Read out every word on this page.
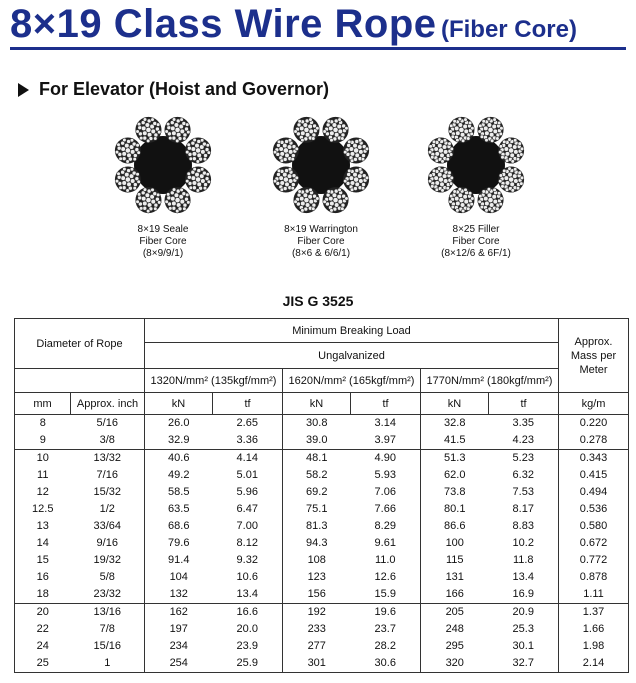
8×19 Class Wire Rope (Fiber Core)
For Elevator (Hoist and Governor)
8×19 Seale
Fiber Core
(8×9/9/1)
8×19 Warrington
Fiber Core
(8×6 & 6/6/1)
8×25 Filler
Fiber Core
(8×12/6 & 6F/1)
JIS G 3525
Diameter of Rope		Minimum Breaking Load						Approx. Mass per Meter
		Ungalvanized						
		1320N/mm² (135kgf/mm²)		1620N/mm² (165kgf/mm²)		1770N/mm² (180kgf/mm²)		
mm	Approx. inch	kN	tf	kN	tf	kN	tf	kg/m
8	5/16	26.0	2.65	30.8	3.14	32.8	3.35	0.220
9	3/8	32.9	3.36	39.0	3.97	41.5	4.23	0.278
10	13/32	40.6	4.14	48.1	4.90	51.3	5.23	0.343
11	7/16	49.2	5.01	58.2	5.93	62.0	6.32	0.415
12	15/32	58.5	5.96	69.2	7.06	73.8	7.53	0.494
12.5	1/2	63.5	6.47	75.1	7.66	80.1	8.17	0.536
13	33/64	68.6	7.00	81.3	8.29	86.6	8.83	0.580
14	9/16	79.6	8.12	94.3	9.61	100	10.2	0.672
15	19/32	91.4	9.32	108	11.0	115	11.8	0.772
16	5/8	104	10.6	123	12.6	131	13.4	0.878
18	23/32	132	13.4	156	15.9	166	16.9	1.11
20	13/16	162	16.6	192	19.6	205	20.9	1.37
22	7/8	197	20.0	233	23.7	248	25.3	1.66
24	15/16	234	23.9	277	28.2	295	30.1	1.98
25	1	254	25.9	301	30.6	320	32.7	2.14
